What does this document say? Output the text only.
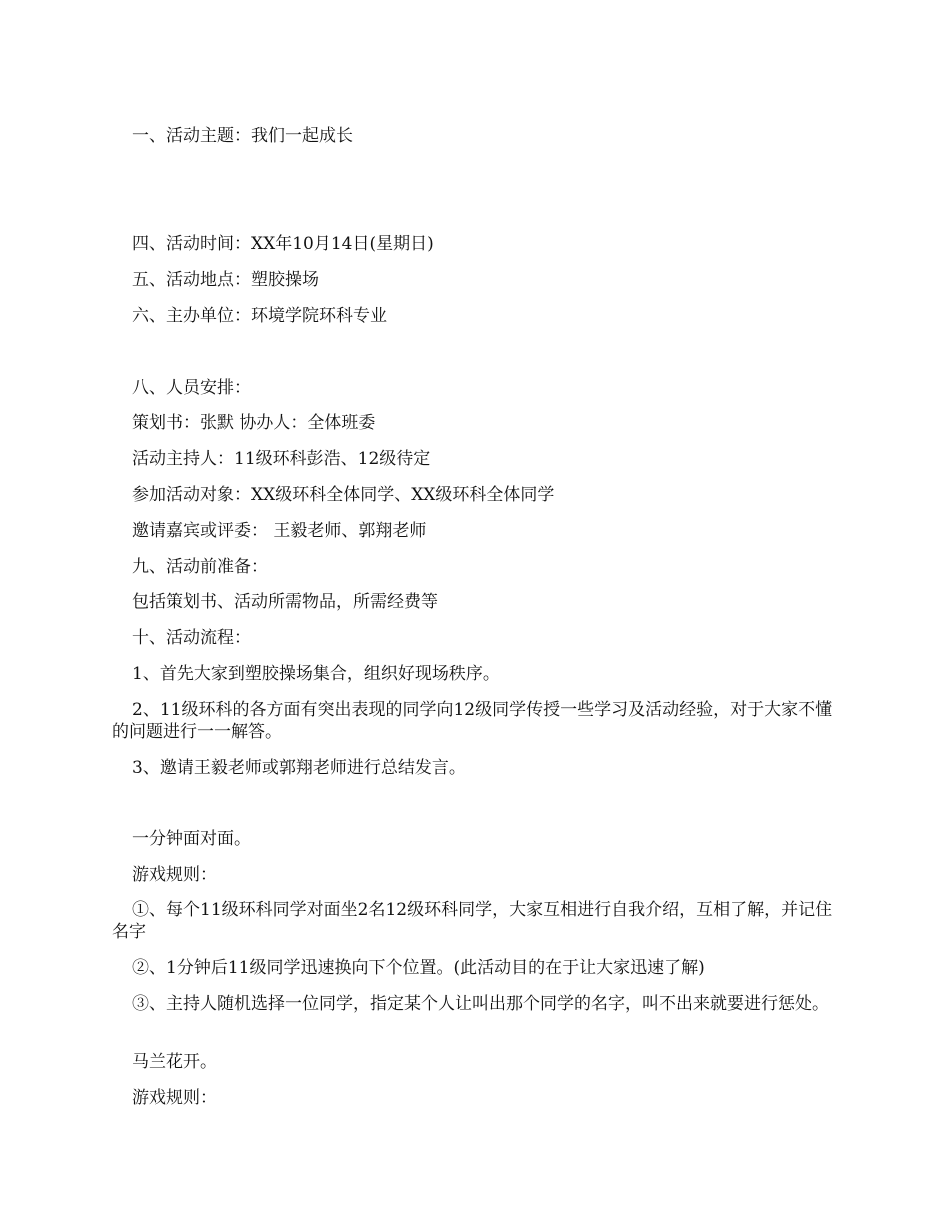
一、活动主题：我们一起成长

四、活动时间：XX年10月14日(星期日)

五、活动地点：塑胶操场

六、主办单位：环境学院环科专业

八、人员安排：

策划书：张默 协办人：全体班委

活动主持人：11级环科彭浩、12级待定

参加活动对象：XX级环科全体同学、XX级环科全体同学

邀请嘉宾或评委： 王毅老师、郭翔老师

九、活动前准备：

包括策划书、活动所需物品，所需经费等

十、活动流程：

1、首先大家到塑胶操场集合，组织好现场秩序。

2、11级环科的各方面有突出表现的同学向12级同学传授一些学习及活动经验，对于大家不懂的问题进行一一解答。

3、邀请王毅老师或郭翔老师进行总结发言。

一分钟面对面。

游戏规则：

①、每个11级环科同学对面坐2名12级环科同学，大家互相进行自我介绍，互相了解，并记住名字

②、1分钟后11级同学迅速换向下个位置。(此活动目的在于让大家迅速了解)

③、主持人随机选择一位同学，指定某个人让叫出那个同学的名字，叫不出来就要进行惩处。

马兰花开。

游戏规则：
